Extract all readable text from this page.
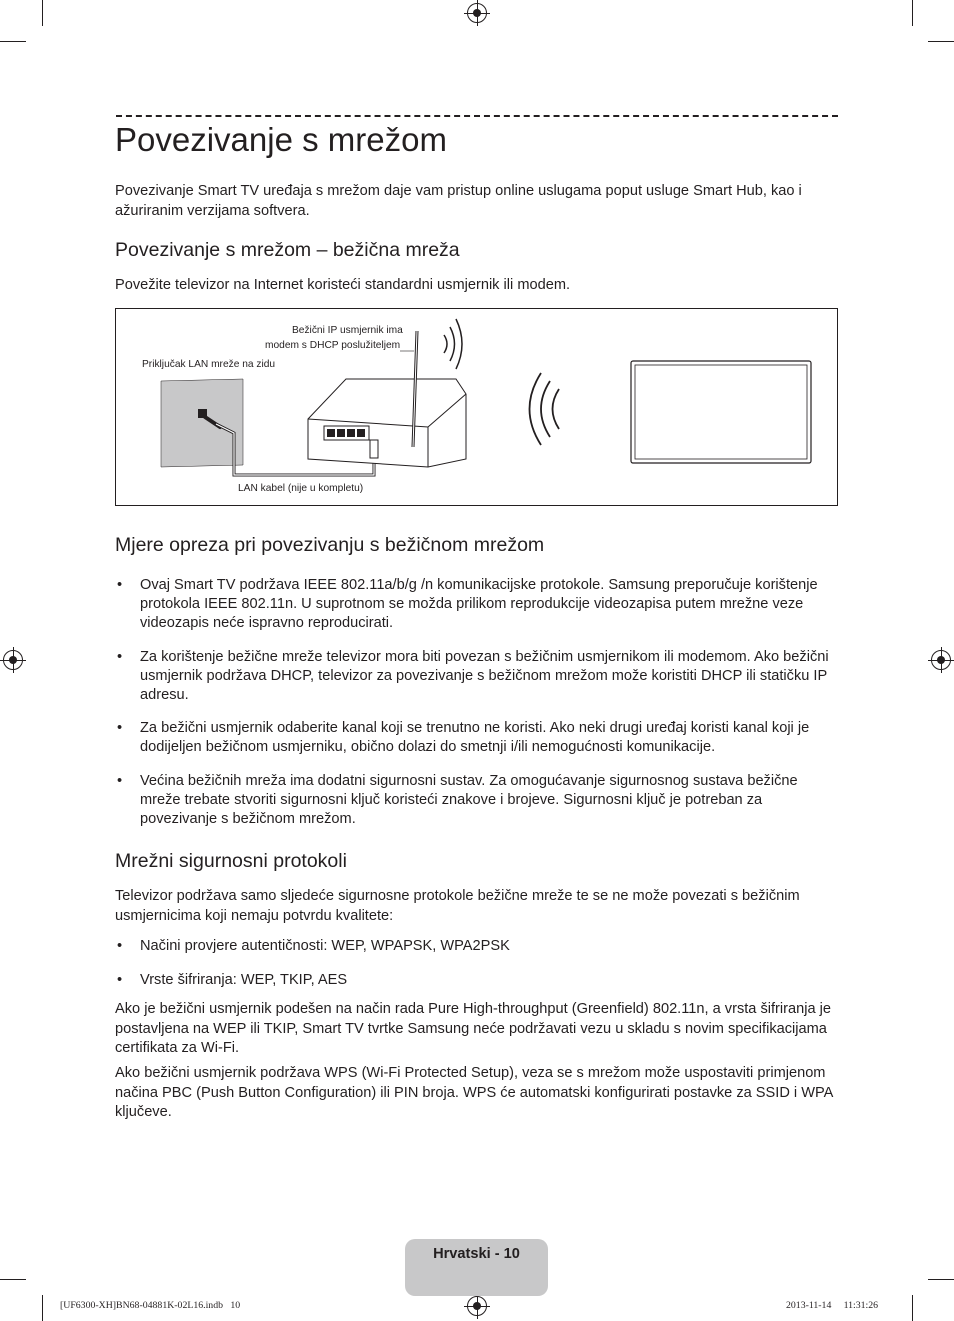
Povezivanje s mrežom

Povezivanje Smart TV uređaja s mrežom daje vam pristup online uslugama poput usluge Smart Hub, kao i ažuriranim verzijama softvera.

Povezivanje s mrežom – bežična mreža

Povežite televizor na Internet koristeći standardni usmjernik ili modem.

Bežični IP usmjernik ima
modem s DHCP poslužiteljem
Priključak LAN mreže na zidu
LAN kabel (nije u kompletu)
Mjere opreza pri povezivanju s bežičnom mrežom
• Ovaj Smart TV podržava IEEE 802.11a/b/g /n komunikacijske protokole. Samsung preporučuje korištenje protokola IEEE 802.11n. U suprotnom se možda prilikom reprodukcije videozapisa putem mrežne veze videozapis neće ispravno reproducirati.
• Za korištenje bežične mreže televizor mora biti povezan s bežičnim usmjernikom ili modemom. Ako bežični usmjernik podržava DHCP, televizor za povezivanje s bežičnom mrežom može koristiti DHCP ili statičku IP adresu.
• Za bežični usmjernik odaberite kanal koji se trenutno ne koristi. Ako neki drugi uređaj koristi kanal koji je dodijeljen bežičnom usmjerniku, obično dolazi do smetnji i/ili nemogućnosti komunikacije.
• Većina bežičnih mreža ima dodatni sigurnosni sustav. Za omogućavanje sigurnosnog sustava bežične mreže trebate stvoriti sigurnosni ključ koristeći znakove i brojeve. Sigurnosni ključ je potreban za povezivanje s bežičnom mrežom.
Mrežni sigurnosni protokoli

Televizor podržava samo sljedeće sigurnosne protokole bežične mreže te se ne može povezati s bežičnim usmjernicima koji nemaju potvrdu kvalitete:

• Načini provjere autentičnosti: WEP, WPAPSK, WPA2PSK
• Vrste šifriranja: WEP, TKIP, AES

Ako je bežični usmjernik podešen na način rada Pure High-throughput (Greenfield) 802.11n, a vrsta šifriranja je postavljena na WEP ili TKIP, Smart TV tvrtke Samsung neće podržavati vezu u skladu s novim specifikacijama certifikata za Wi-Fi.

Ako bežični usmjernik podržava WPS (Wi-Fi Protected Setup), veza se s mrežom može uspostaviti primjenom načina PBC (Push Button Configuration) ili PIN broja. WPS će automatski konfigurirati postavke za SSID i WPA ključeve.

Hrvatski - 10
[UF6300-XH]BN68-04881K-02L16.indb   10	2013-11-14     11:31:26
